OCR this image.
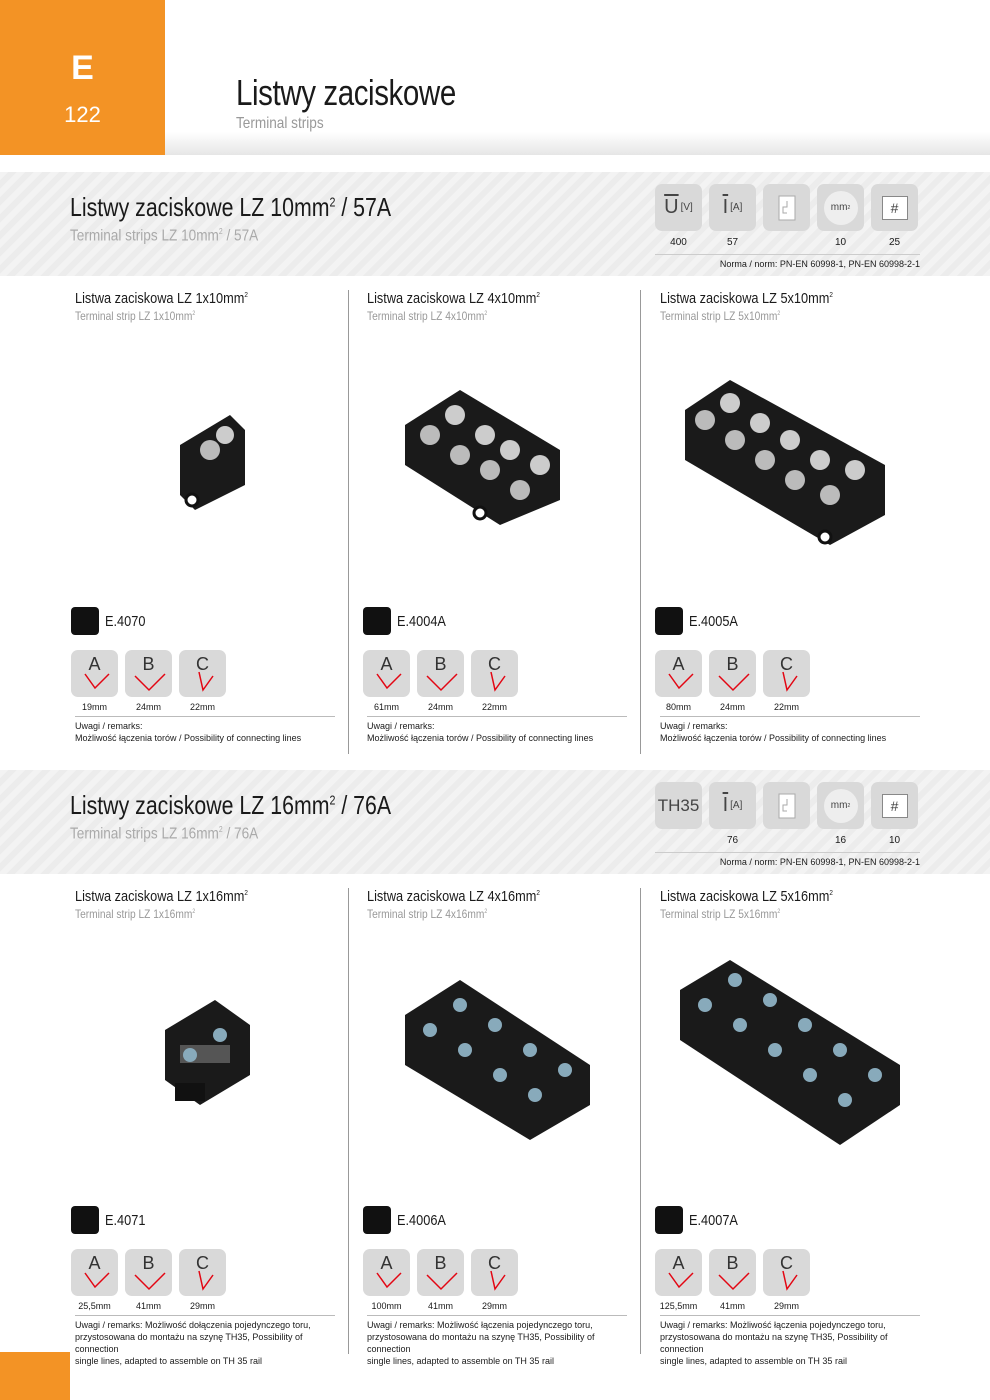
E
122
Listwy zaciskowe
Terminal strips
Listwy zaciskowe LZ $10mm^2 / 57A$
Terminal strips LZ $10mm^2 / 57A$
$\overline{U}$ [V] $\overline{I}$ [A]	mm 2	#
400	57	10	25
Norma / norm: PN-EN 60998-1, PN-EN 60998-2-1
Listwa zaciskowa LZ $1x10mm^2$
Terminal strip LZ $1x10mm^2$
Listwa zaciskowa LZ $4x10mm^2$
Terminal strip LZ $4x10mm^2$
Listwa zaciskowa LZ $5x10mm^2$
Terminal strip LZ $5x10mm^2$
E.4070	E.4004A	E.4005A
A	B	C	A	B	C	A	B	C
19mm	24mm	22mm	61mm	24mm	22mm	80mm	24mm	22mm
Uwagi / remarks:
Możliwość łączenia torów / Possibility of connecting lines
Uwagi / remarks:
Możliwość łączenia torów / Possibility of connecting lines
Uwagi / remarks:
Możliwość łączenia torów / Possibility of connecting lines
Listwy zaciskowe LZ $16mm^2 / 76A$
Terminal strips LZ $16mm^2 / 76A$
TH35 $\overline{I}$ [A]	mm 2	#
76	16	10
Norma / norm: PN-EN 60998-1, PN-EN 60998-2-1
Listwa zaciskowa LZ $1x16mm^2$
Terminal strip LZ $1x16mm^2$
Listwa zaciskowa LZ $4x16mm^2$
Terminal strip LZ $4x16mm^2$
Listwa zaciskowa LZ $5x16mm^2$
Terminal strip LZ $5x16mm^2$
E.4071	E.4006A	E.4007A
A	B	C	A	B	C	A	B	C
25,5mm	41mm	29mm	100mm	41mm	29mm	125,5mm	41mm	29mm
Uwagi / remarks: Możliwość dołączenia pojedynczego toru,
przystosowana do montażu na szynę TH35, Possibility of connection
single lines, adapted to assemble on TH 35 rail
Uwagi / remarks: Możliwość łączenia pojedynczego toru,
przystosowana do montażu na szynę TH35, Possibility of connection
single lines, adapted to assemble on TH 35 rail
Uwagi / remarks: Możliwość łączenia pojedynczego toru,
przystosowana do montażu na szynę TH35, Possibility of connection
single lines, adapted to assemble on TH 35 rail
